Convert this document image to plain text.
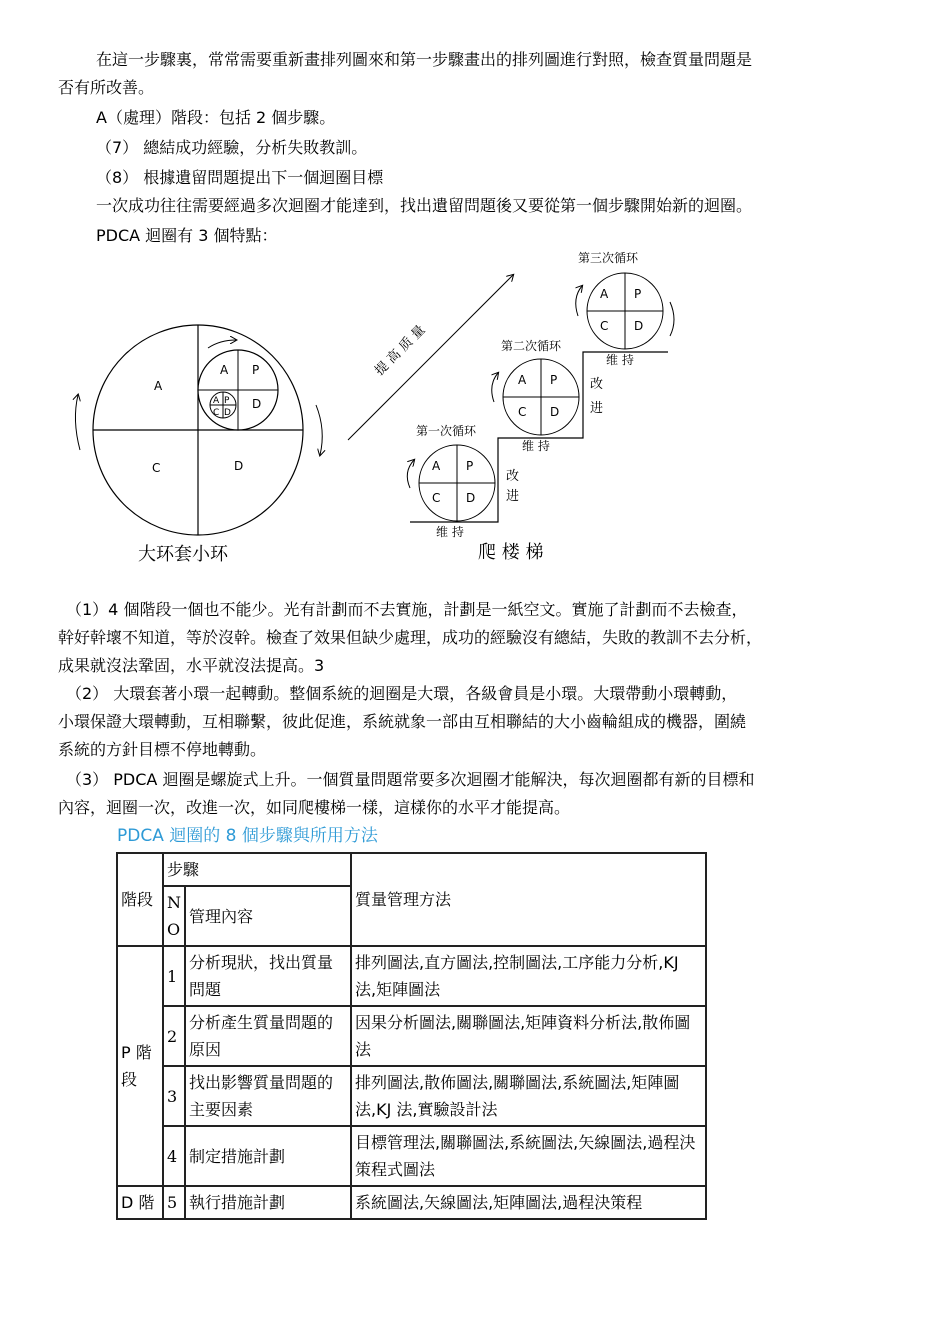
在這一步驟裏，常常需要重新畫排列圖來和第一步驟畫出的排列圖進行對照，檢查質量問題是
否有所改善。
A（處理）階段：包括 2 個步驟。
（7） 總結成功經驗，分析失敗教訓。
（8） 根據遺留問題提出下一個迴圈目標
一次成功往往需要經過多次迴圈才能達到，找出遺留問題後又要從第一個步驟開始新的迴圈。
PDCA 迴圈有 3 個特點：
A
C	D
A P
D
A P
C D
大环套小环
提 高 质 量
第一次循环
A P
C D
维 持
改
进
第二次循环
A P
C D
维 持
改
进
第三次循环
A P
C D
维 持
爬 楼 梯
（1）4 個階段一個也不能少。光有計劃而不去實施，計劃是一紙空文。實施了計劃而不去檢查，
幹好幹壞不知道，等於沒幹。檢查了效果但缺少處理，成功的經驗沒有總結，失敗的教訓不去分析，
成果就沒法鞏固，水平就沒法提高。3
（2） 大環套著小環一起轉動。整個系統的迴圈是大環，各級會員是小環。大環帶動小環轉動，
小環保證大環轉動，互相聯繫，彼此促進，系統就象一部由互相聯結的大小齒輪組成的機器，圍繞
系統的方針目標不停地轉動。
（3） PDCA 迴圈是螺旋式上升。一個質量問題常要多次迴圈才能解決，每次迴圈都有新的目標和
內容，迴圈一次，改進一次，如同爬樓梯一樣，這樣你的水平才能提高。
PDCA 迴圈的 8 個步驟與所用方法
階段	步驟		質量管理方法
	N O	管理內容	
P 階段	1	分析現狀，找出質量問題	排列圖法,直方圖法,控制圖法,工序能力分析,KJ 法,矩陣圖法
	2	分析產生質量問題的原因	因果分析圖法,關聯圖法,矩陣資料分析法,散佈圖法
	3	找出影響質量問題的主要因素	排列圖法,散佈圖法,關聯圖法,系統圖法,矩陣圖法,KJ 法,實驗設計法
	4	制定措施計劃	目標管理法,關聯圖法,系統圖法,矢線圖法,過程決策程式圖法
D 階	5	執行措施計劃	系統圖法,矢線圖法,矩陣圖法,過程決策程
